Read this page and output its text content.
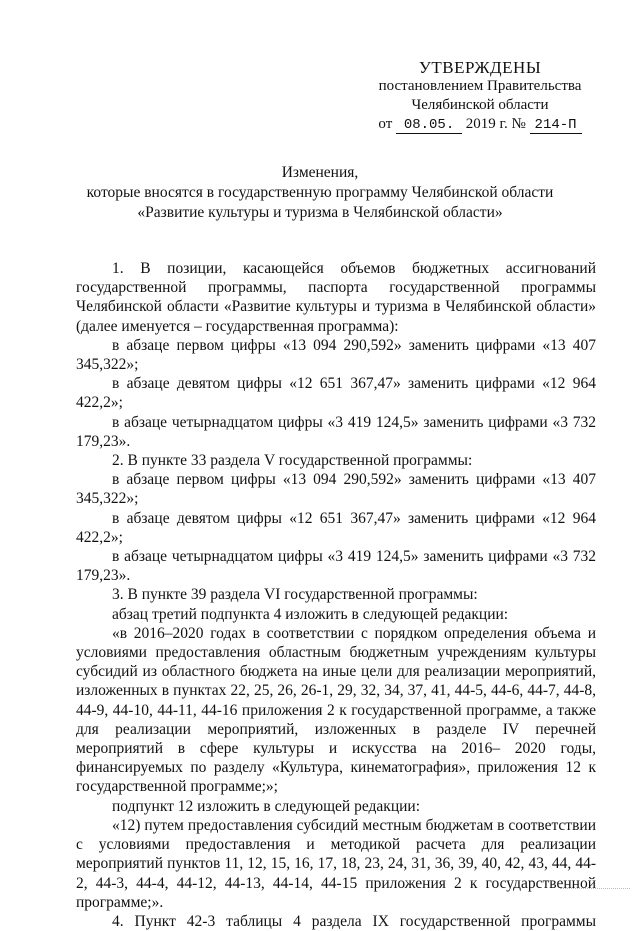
УТВЕРЖДЕНЫ
постановлением Правительства
Челябинской области
от 08.05. 2019 г. № 214-П
Изменения,
которые вносятся в государственную программу Челябинской области
«Развитие культуры и туризма в Челябинской области»

1. В позиции, касающейся объемов бюджетных ассигнований государственной программы, паспорта государственной программы Челябинской области «Развитие культуры и туризма в Челябинской области» (далее именуется – государственная программа):

в абзаце первом цифры «13 094 290,592» заменить цифрами «13 407 345,322»;

в абзаце девятом цифры «12 651 367,47» заменить цифрами «12 964 422,2»;

в абзаце четырнадцатом цифры «3 419 124,5» заменить цифрами «3 732 179,23».

2. В пункте 33 раздела V государственной программы:

в абзаце первом цифры «13 094 290,592» заменить цифрами «13 407 345,322»;

в абзаце девятом цифры «12 651 367,47» заменить цифрами «12 964 422,2»;

в абзаце четырнадцатом цифры «3 419 124,5» заменить цифрами «3 732 179,23».

3. В пункте 39 раздела VI государственной программы:

абзац третий подпункта 4 изложить в следующей редакции:

«в 2016–2020 годах в соответствии с порядком определения объема и условиями предоставления областным бюджетным учреждениям культуры субсидий из областного бюджета на иные цели для реализации мероприятий, изложенных в пунктах 22, 25, 26, 26-1, 29, 32, 34, 37, 41, 44-5, 44-6, 44-7, 44-8, 44-9, 44-10, 44-11, 44-16 приложения 2 к государственной программе, а также для реализации мероприятий, изложенных в разделе IV перечней мероприятий в сфере культуры и искусства на 2016– 2020 годы, финансируемых по разделу «Культура, кинематография», приложения 12 к государственной программе;»;

подпункт 12 изложить в следующей редакции:

«12) путем предоставления субсидий местным бюджетам в соответствии с условиями предоставления и методикой расчета для реализации мероприятий пунктов 11, 12, 15, 16, 17, 18, 23, 24, 31, 36, 39, 40, 42, 43, 44, 44-2, 44-3, 44-4, 44-12, 44-13, 44-14, 44-15 приложения 2 к государственной программе;».

4. Пункт 42-3 таблицы 4 раздела IX государственной программы
